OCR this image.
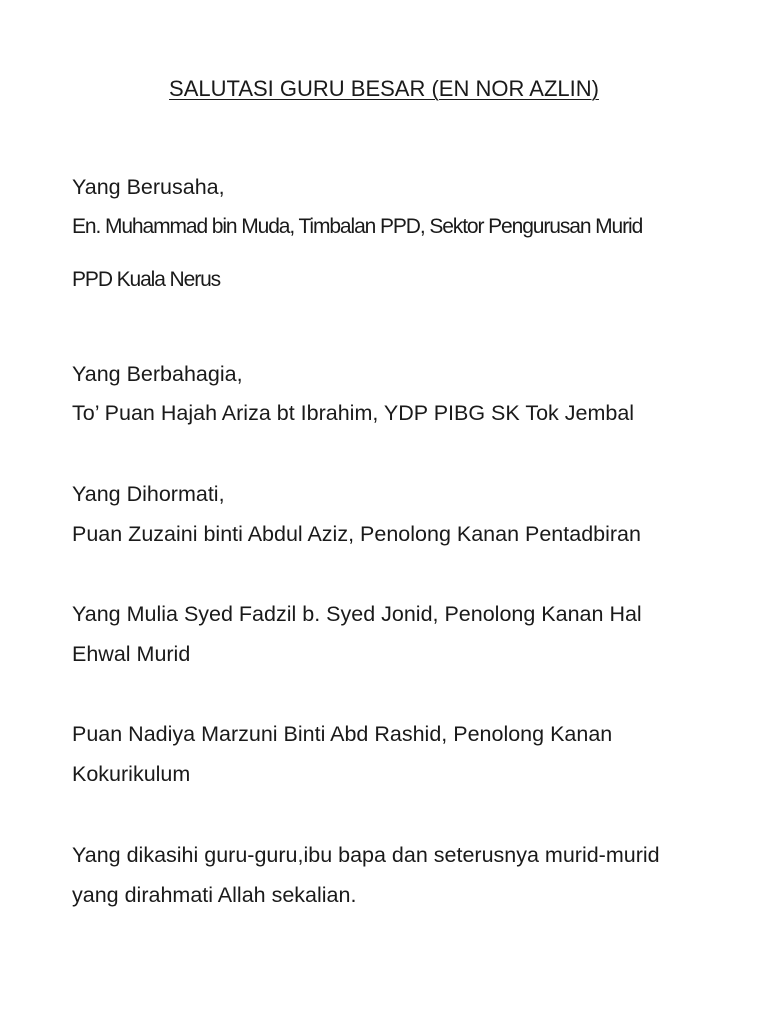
SALUTASI GURU BESAR (EN NOR AZLIN)
Yang Berusaha,
En. Muhammad bin Muda, Timbalan PPD, Sektor Pengurusan Murid
PPD Kuala Nerus
Yang Berbahagia,
To’ Puan Hajah Ariza bt Ibrahim, YDP PIBG SK Tok Jembal
Yang Dihormati,
Puan Zuzaini binti Abdul Aziz, Penolong Kanan Pentadbiran
Yang Mulia Syed Fadzil b. Syed Jonid, Penolong Kanan Hal
Ehwal Murid
Puan Nadiya Marzuni Binti Abd Rashid, Penolong Kanan
Kokurikulum
Yang dikasihi guru-guru,ibu bapa dan seterusnya murid-murid
yang dirahmati Allah sekalian.
